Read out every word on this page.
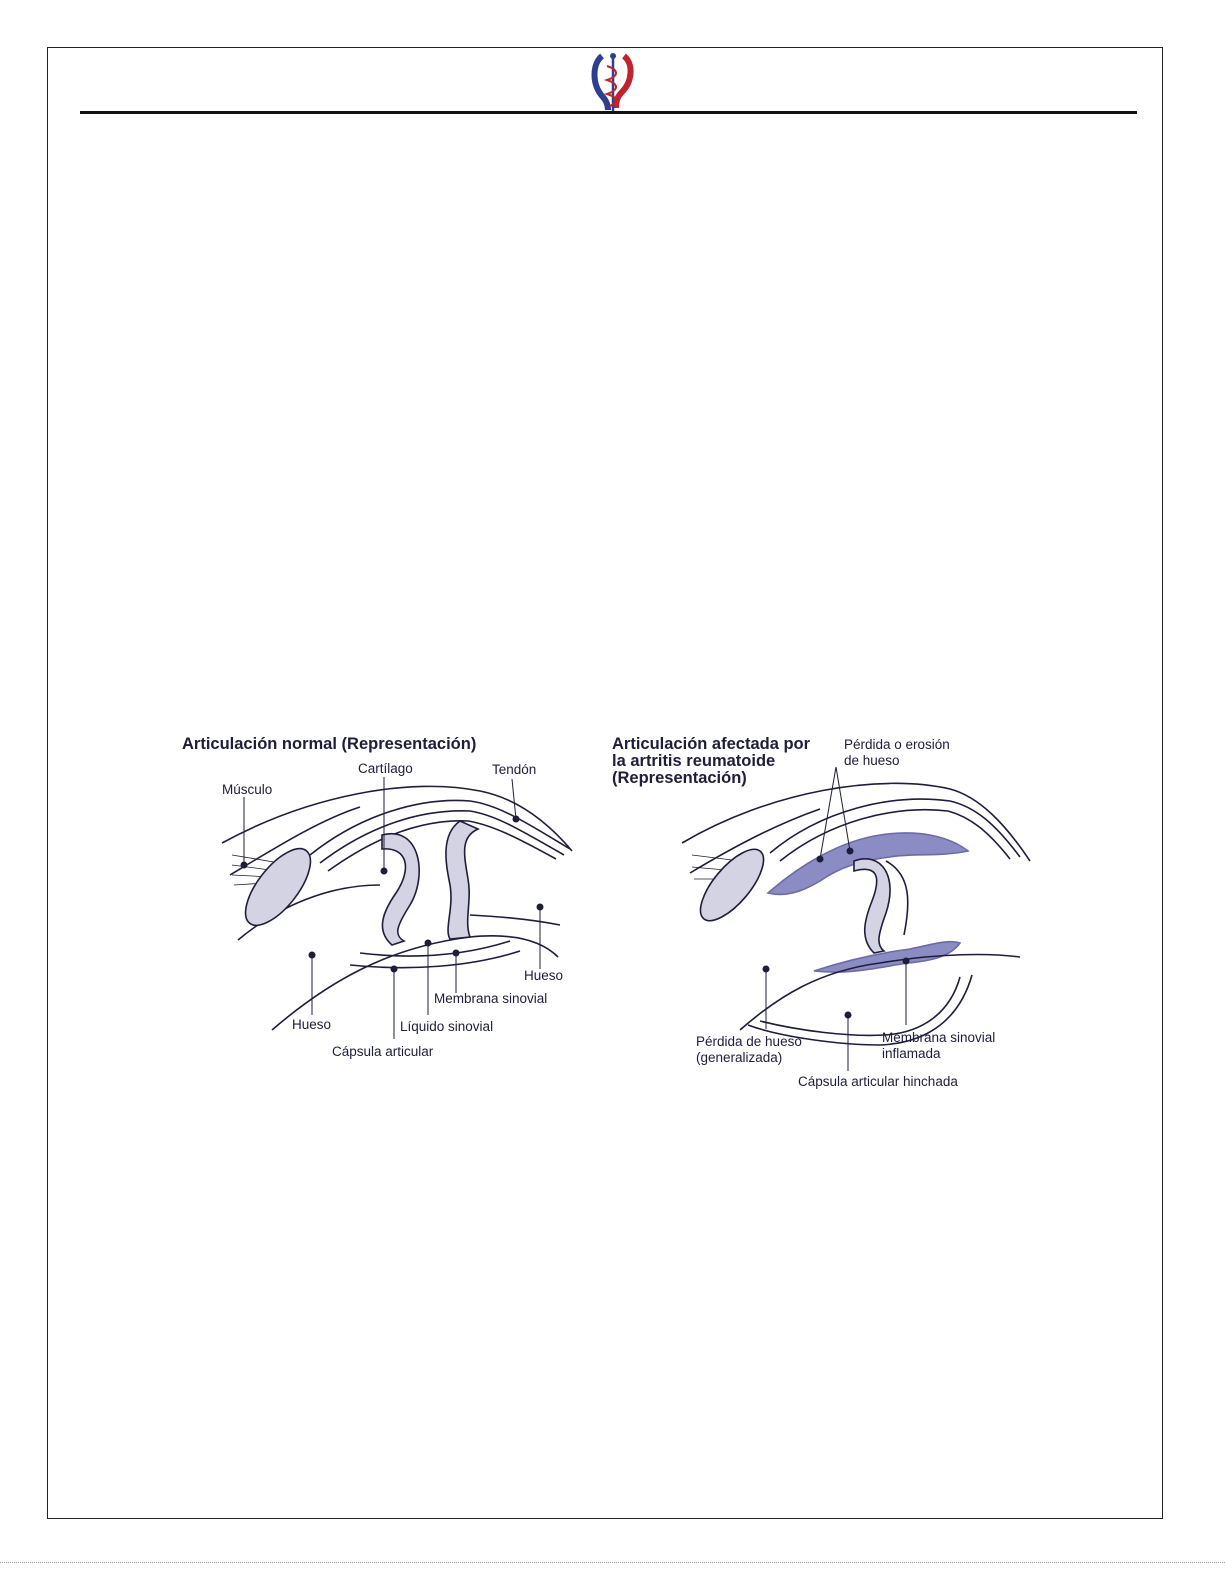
Articulación normal (Representación)
Músculo
Cartílago	Tendón
Hueso
Membrana sinovial
Hueso	Líquido sinovial
Cápsula articular
Articulación afectada por
la artritis reumatoide
(Representación)
Pérdida o erosión
de hueso
Pérdida de hueso
(generalizada)
Membrana sinovial
inflamada
Cápsula articular hinchada
